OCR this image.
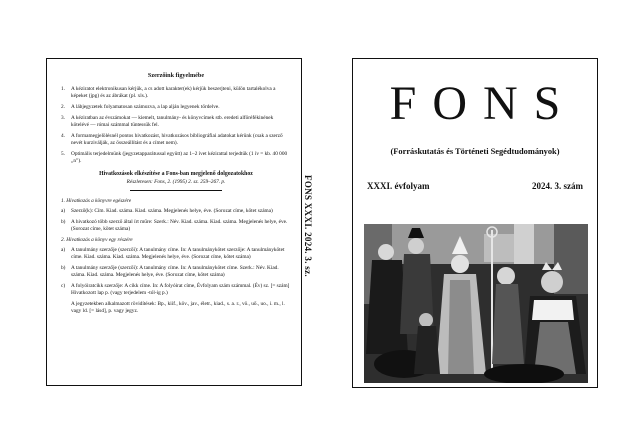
Szerzőink figyelmébe
1.	A kéziratot elektronikusan kérjük, a cs adott karakter(ek) kérjük beszerjteni, külön tartalékolva a képeket (jpg) és az ábrákat (pl. xls.).
2.	A lábjegyzetek folyamatosan számozva, a lap alján legyenek tördelve.
3.	A kéziratban az évszámokat — kiemelt, tanulmány- és könyvcímek stb. eredeti alföréfékinének kötelévé — római számmal tüntessük fel.
4.	A formamegjelölésnél pontos hivatkozást, hivatkozásos bibliográfiai adatokat kérünk (csak a szerző nevét kurziválják, az összeállítást és a címet nem).
5.	Optimális terjedelmünk (jegyzetapparátussal együtt) az 1–2 ívet kézirattal terjedtük (1 ív = kb. 40 000 „n”).
Hivatkozások elkészítése a Fons-ban megjelenő dolgozatokhoz
Részletesen: Fons, 2. (1995) 2. sz. 259–267. p.
1. Hivatkozás a könyvre egészére
a)	Szerző(k): Cím. Kiad. száma. Kiad. száma. Megjelenés helye, éve. (Sorozat címe, kötet száma)
b)	A hivatkozó több szerző által írt műre: Szerk.: Név. Kiad. száma. Kiad. száma. Megjelenés helye, éve. (Sorozat címe, kötet száma)
2. Hivatkozás a könyv egy részére
a)	A tanulmány szerzője (szerzői): A tanulmány címe. In: A tanulmánykötet szerzője: A tanulmánykötet címe. Kiad. száma. Kiad. száma. Megjelenés helye, éve. (Sorozat címe, kötet száma)
b)	A tanulmány szerzője (szerzői): A tanulmány címe. In: A tanulmánykötet címe. Szerk.: Név. Kiad. száma. Kiad. száma. Megjelenés helye, éve. (Sorozat címe, kötet száma)
c)	A folyóiratcikk szerzője: A cikk címe. In: A folyóirat címe, Évfolyam szám számmal. (Év) sz. [= szám] Hivatkozott lap p. (vagy terjedelem -tól-ig p.)
A jegyzetekben alkalmazott rövidítések: Bp., kiíf., köv., jav., életr., kiad., s. a. r., vö., uő., uo., i. m., l. vagy ld. [= lásd], p. vagy jegyz.
FONS XXXI. 2024. 3. sz.
FONS
(Forráskutatás és Történeti Segédtudományok)
XXXI. évfolyam	2024. 3. szám
